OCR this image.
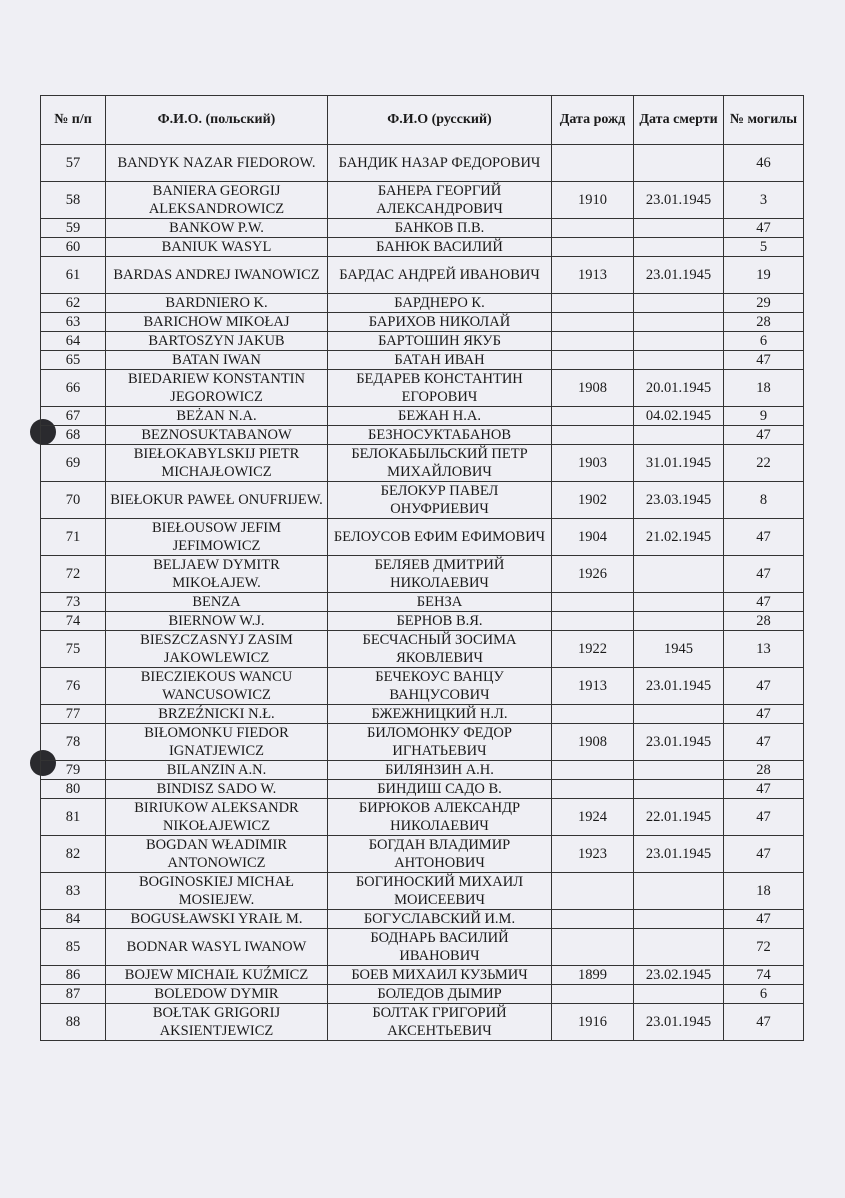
№ п/п	Ф.И.О. (польский)	Ф.И.О (русский)	Дата рожд	Дата смерти	№ могилы
57	BANDYK NAZAR FIEDOROW.	БАНДИК НАЗАР ФЕДОРОВИЧ			46
58	BANIERA GEORGIJ ALEKSANDROWICZ	БАНЕРА ГЕОРГИЙ АЛЕКСАНДРОВИЧ	1910	23.01.1945	3
59	BANKOW P.W.	БАНКОВ П.В.			47
60	BANIUK WASYL	БАНЮК ВАСИЛИЙ			5
61	BARDAS ANDREJ IWANOWICZ	БАРДАС АНДРЕЙ ИВАНОВИЧ	1913	23.01.1945	19
62	BARDNIERO K.	БАРДНЕРО К.			29
63	BARICHOW MIKOŁAJ	БАРИХОВ НИКОЛАЙ			28
64	BARTOSZYN JAKUB	БАРТОШИН ЯКУБ			6
65	BATAN IWAN	БАТАН ИВАН			47
66	BIEDARIEW KONSTANTIN JEGOROWICZ	БЕДАРЕВ КОНСТАНТИН ЕГОРОВИЧ	1908	20.01.1945	18
67	BEŻAN N.A.	БЕЖАН Н.А.		04.02.1945	9
68	BEZNOSUKTABANOW	БЕЗНОСУКТАБАНОВ			47
69	BIEŁOKABYLSKIJ PIETR MICHAJŁOWICZ	БЕЛОКАБЫЛЬСКИЙ ПЕТР МИХАЙЛОВИЧ	1903	31.01.1945	22
70	BIEŁOKUR PAWEŁ ONUFRIJEW.	БЕЛОКУР ПАВЕЛ ОНУФРИЕВИЧ	1902	23.03.1945	8
71	BIEŁOUSOW JEFIM JEFIMOWICZ	БЕЛОУСОВ ЕФИМ ЕФИМОВИЧ	1904	21.02.1945	47
72	BELJAEW DYMITR MIKOŁAJEW.	БЕЛЯЕВ ДМИТРИЙ НИКОЛАЕВИЧ	1926		47
73	BENZA	БЕНЗА			47
74	BIERNOW W.J.	БЕРНОВ В.Я.			28
75	BIESZCZASNYJ ZASIM JAKOWLEWICZ	БЕСЧАСНЫЙ ЗОСИМА ЯКОВЛЕВИЧ	1922	1945	13
76	BIECZIEKOUS WANCU WANCUSOWICZ	БЕЧЕКОУС ВАНЦУ ВАНЦУСОВИЧ	1913	23.01.1945	47
77	BRZEŹNICKI N.Ł.	БЖЕЖНИЦКИЙ Н.Л.			47
78	BIŁOMONKU FIEDOR IGNATJEWICZ	БИЛОМОНКУ ФЕДОР ИГНАТЬЕВИЧ	1908	23.01.1945	47
79	BILANZIN A.N.	БИЛЯНЗИН А.Н.			28
80	BINDISZ SADO W.	БИНДИШ САДО В.			47
81	BIRIUKOW ALEKSANDR NIKOŁAJEWICZ	БИРЮКОВ АЛЕКСАНДР НИКОЛАЕВИЧ	1924	22.01.1945	47
82	BOGDAN WŁADIMIR ANTONOWICZ	БОГДАН ВЛАДИМИР АНТОНОВИЧ	1923	23.01.1945	47
83	BOGINOSKIEJ MICHAŁ MOSIEJEW.	БОГИНОСКИЙ МИХАИЛ МОИСЕЕВИЧ			18
84	BOGUSŁAWSKI YRAIŁ M.	БОГУСЛАВСКИЙ И.М.			47
85	BODNAR WASYL IWANOW	БОДНАРЬ ВАСИЛИЙ ИВАНОВИЧ			72
86	BOJEW MICHAIŁ KUŹMICZ	БОЕВ МИХАИЛ КУЗЬМИЧ	1899	23.02.1945	74
87	BOLEDOW DYMIR	БОЛЕДОВ ДЫМИР			6
88	BOŁTAK GRIGORIJ AKSIENTJEWICZ	БОЛТАК ГРИГОРИЙ АКСЕНТЬЕВИЧ	1916	23.01.1945	47
